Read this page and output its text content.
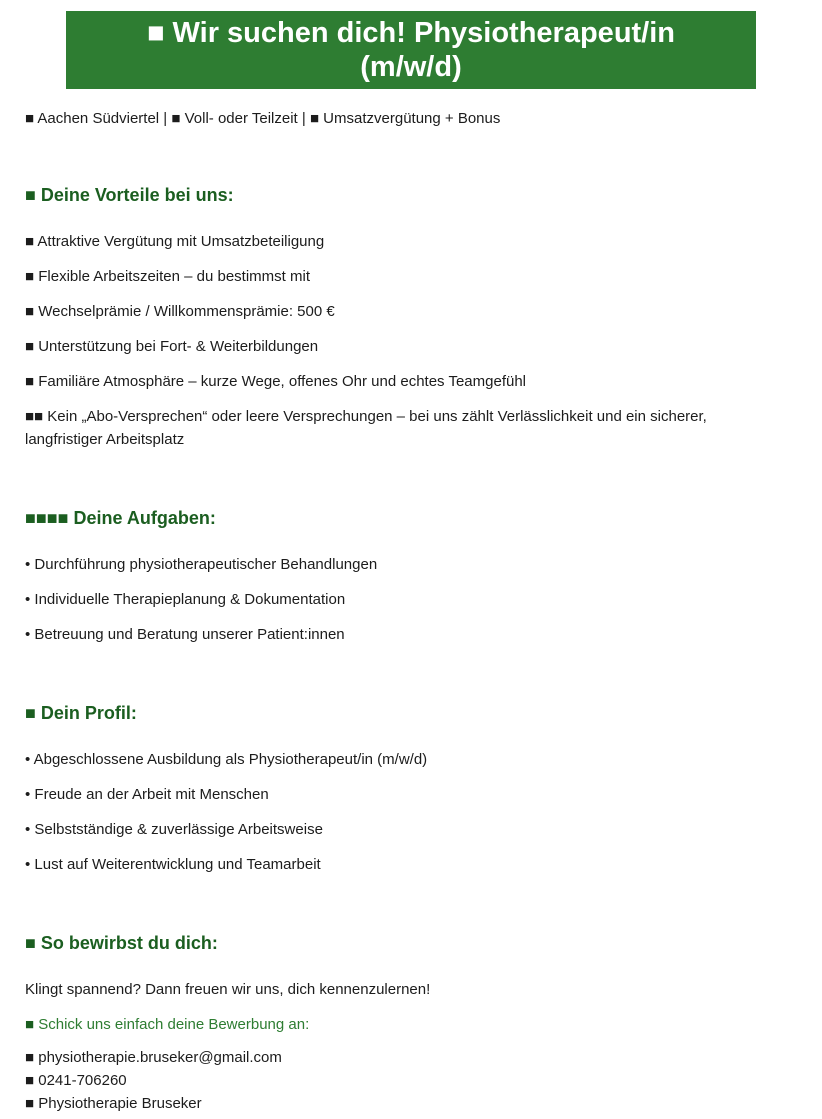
■ Wir suchen dich! Physiotherapeut/in
(m/w/d)

■ Aachen Südviertel | ■ Voll- oder Teilzeit | ■ Umsatzvergütung + Bonus

■ Deine Vorteile bei uns:

■ Attraktive Vergütung mit Umsatzbeteiligung

■ Flexible Arbeitszeiten – du bestimmst mit

■ Wechselprämie / Willkommensprämie: 500 €

■ Unterstützung bei Fort- & Weiterbildungen

■ Familiäre Atmosphäre – kurze Wege, offenes Ohr und echtes Teamgefühl

■■ Kein „Abo-Versprechen“ oder leere Versprechungen – bei uns zählt Verlässlichkeit und ein sicherer, langfristiger Arbeitsplatz

■■■■ Deine Aufgaben:

• Durchführung physiotherapeutischer Behandlungen

• Individuelle Therapieplanung & Dokumentation

• Betreuung und Beratung unserer Patient:innen

■ Dein Profil:

• Abgeschlossene Ausbildung als Physiotherapeut/in (m/w/d)

• Freude an der Arbeit mit Menschen

• Selbstständige & zuverlässige Arbeitsweise

• Lust auf Weiterentwicklung und Teamarbeit

■ So bewirbst du dich:

Klingt spannend? Dann freuen wir uns, dich kennenzulernen!

■ Schick uns einfach deine Bewerbung an:

■ physiotherapie.bruseker@gmail.com

■ 0241-706260

■ Physiotherapie Bruseker
